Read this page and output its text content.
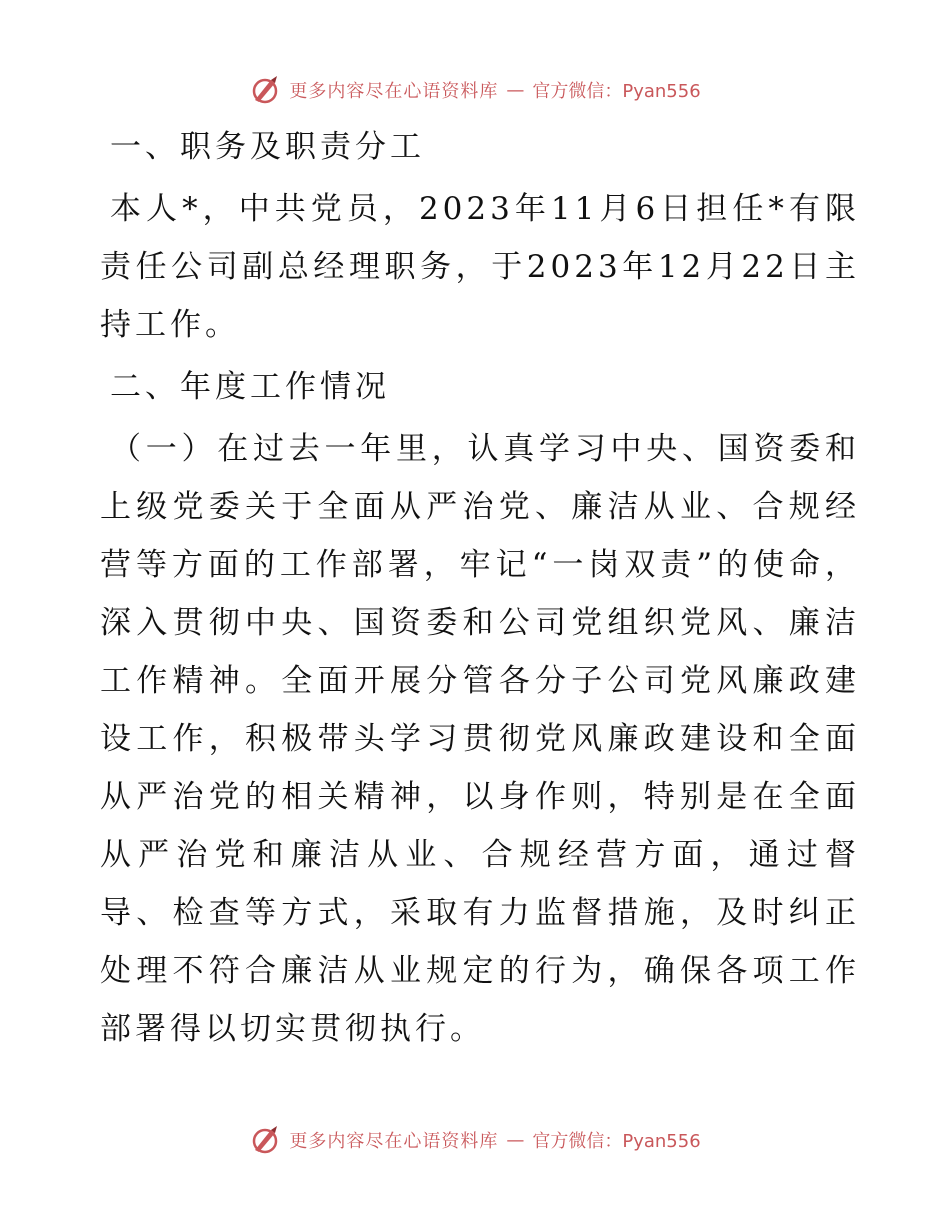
更多内容尽在心语资料库 — 官方微信：Pyan556
一、职务及职责分工
本人*，中共党员，2023年11月6日担任*有限责任公司副总经理职务，于2023年12月22日主持工作。
二、年度工作情况
（一）在过去一年里，认真学习中央、国资委和上级党委关于全面从严治党、廉洁从业、合规经营等方面的工作部署，牢记“一岗双责”的使命，深入贯彻中央、国资委和公司党组织党风、廉洁工作精神。全面开展分管各分子公司党风廉政建设工作，积极带头学习贯彻党风廉政建设和全面从严治党的相关精神，以身作则，特别是在全面从严治党和廉洁从业、合规经营方面，通过督导、检查等方式，采取有力监督措施，及时纠正处理不符合廉洁从业规定的行为，确保各项工作部署得以切实贯彻执行。
更多内容尽在心语资料库 — 官方微信：Pyan556
